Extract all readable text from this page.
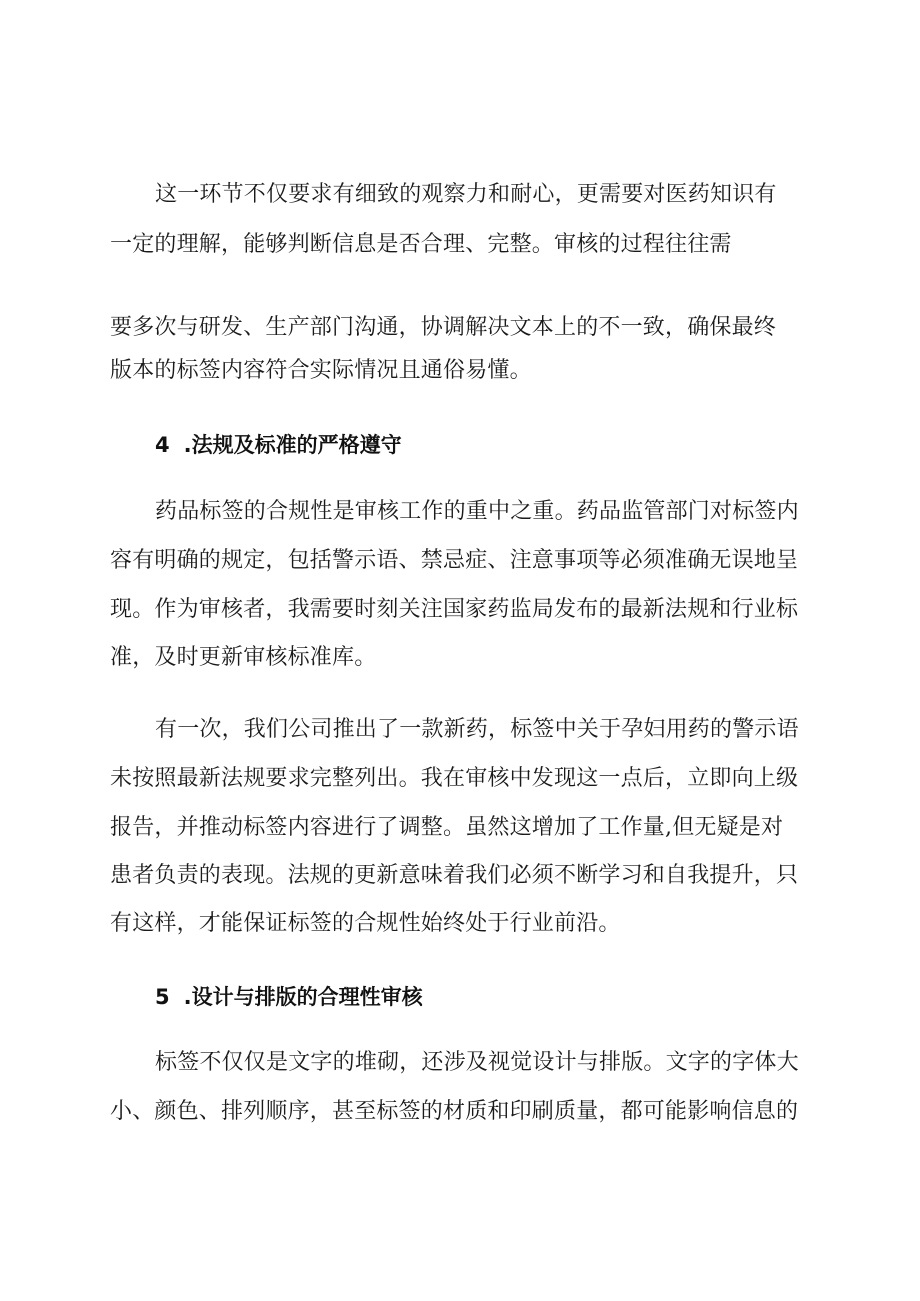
这一环节不仅要求有细致的观察力和耐心，更需要对医药知识有
一定的理解，能够判断信息是否合理、完整。审核的过程往往需
要多次与研发、生产部门沟通，协调解决文本上的不一致，确保最终
版本的标签内容符合实际情况且通俗易懂。
4 .法规及标准的严格遵守
药品标签的合规性是审核工作的重中之重。药品监管部门对标签内
容有明确的规定，包括警示语、禁忌症、注意事项等必须准确无误地呈
现。作为审核者，我需要时刻关注国家药监局发布的最新法规和行业标
准，及时更新审核标准库。
有一次，我们公司推出了一款新药，标签中关于孕妇用药的警示语
未按照最新法规要求完整列出。我在审核中发现这一点后，立即向上级
报告，并推动标签内容进行了调整。虽然这增加了工作量,但无疑是对
患者负责的表现。法规的更新意味着我们必须不断学习和自我提升，只
有这样，才能保证标签的合规性始终处于行业前沿。
5 .设计与排版的合理性审核
标签不仅仅是文字的堆砌，还涉及视觉设计与排版。文字的字体大
小、颜色、排列顺序，甚至标签的材质和印刷质量，都可能影响信息的
